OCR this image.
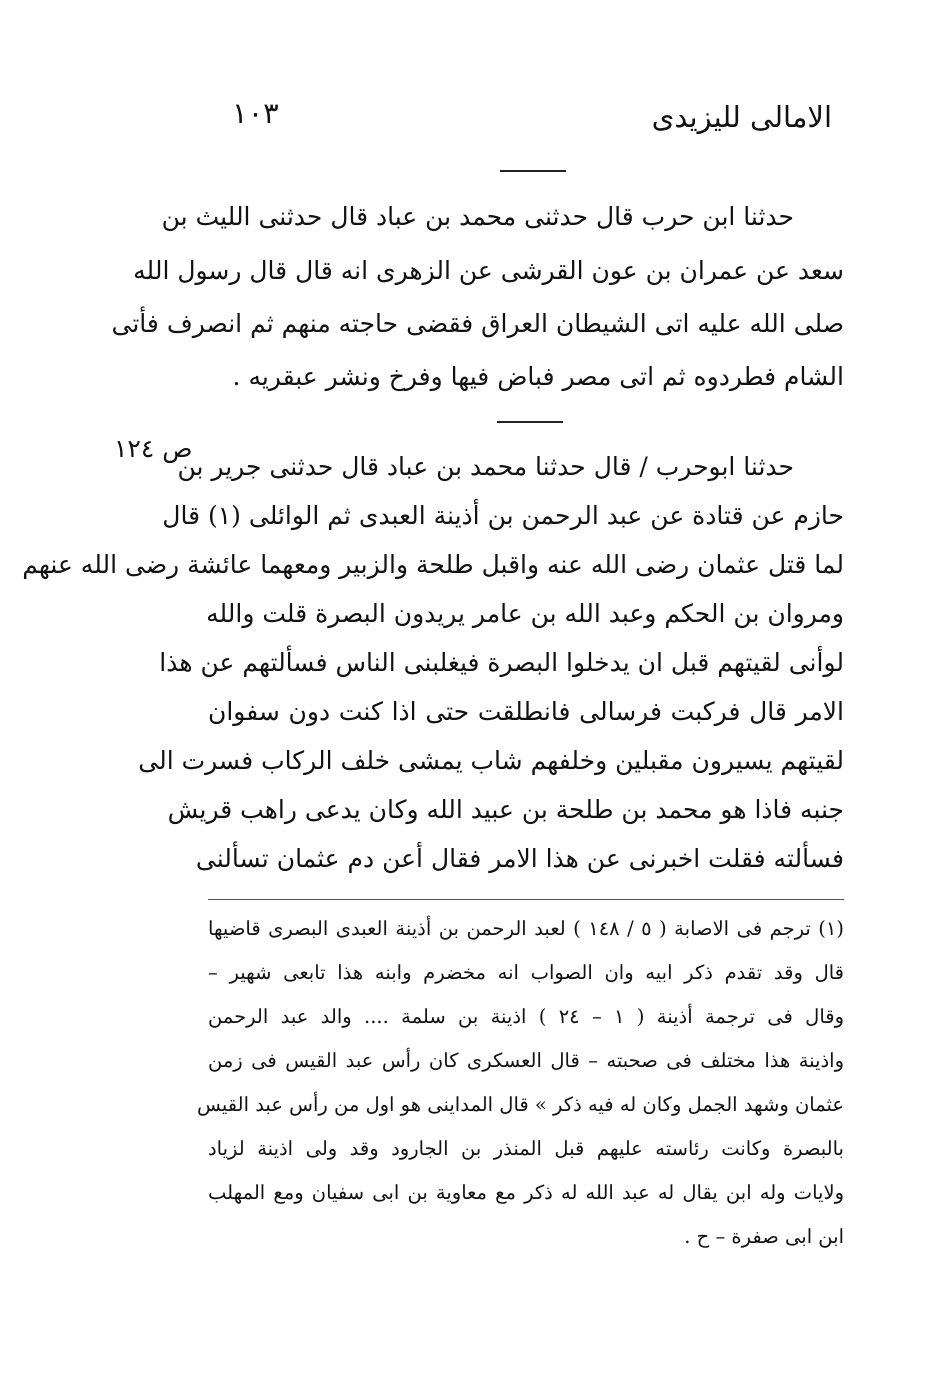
الامالى لليزيدى
١٠٣
حدثنا ابن حرب قال حدثنى محمد بن عباد قال حدثنى الليث بن
سعد عن عمران بن عون القرشى عن الزهرى انه قال قال رسول الله
صلى الله عليه اتى الشيطان العراق فقضى حاجته منهم ثم انصرف فأتى
الشام فطردوه ثم اتى مصر فباض فيها وفرخ ونشر عبقريه .
ص ١٢٤
حدثنا ابوحرب / قال حدثنا محمد بن عباد قال حدثنى جرير بن
حازم عن قتادة عن عبد الرحمن بن أذينة العبدى ثم الوائلى (١) قال
لما قتل عثمان رضى الله عنه واقبل طلحة والزبير ومعهما عائشة رضى الله عنهم
ومروان بن الحكم وعبد الله بن عامر يريدون البصرة قلت والله
لوأنى لقيتهم قبل ان يدخلوا البصرة فيغلبنى الناس فسألتهم عن هذا
الامر قال فركبت فرسالى فانطلقت حتى اذا كنت دون سفوان
لقيتهم يسيرون مقبلين وخلفهم شاب يمشى خلف الركاب فسرت الى
جنبه فاذا هو محمد بن طلحة بن عبيد الله وكان يدعى راهب قريش
فسألته فقلت اخبرنى عن هذا الامر فقال أعن دم عثمان تسألنى
(١) ترجم فى الاصابة ( ٥ / ١٤٨ ) لعبد الرحمن بن أذينة العبدى البصرى قاضيها
قال وقد تقدم ذكر ابيه وان الصواب انه مخضرم وابنه هذا تابعى شهير –
وقال فى ترجمة أذينة ( ١ – ٢٤ ) اذينة بن سلمة .... والد عبد الرحمن
واذينة هذا مختلف فى صحبته – قال العسكرى كان رأس عبد القيس فى زمن
عثمان وشهد الجمل وكان له فيه ذكر » قال المداينى هو اول من رأس عبد القيس
بالبصرة وكانت رئاسته عليهم قبل المنذر بن الجارود وقد ولى اذينة لزياد
ولايات وله ابن يقال له عبد الله له ذكر مع معاوية بن ابى سفيان ومع المهلب
ابن ابى صفرة – ح .
